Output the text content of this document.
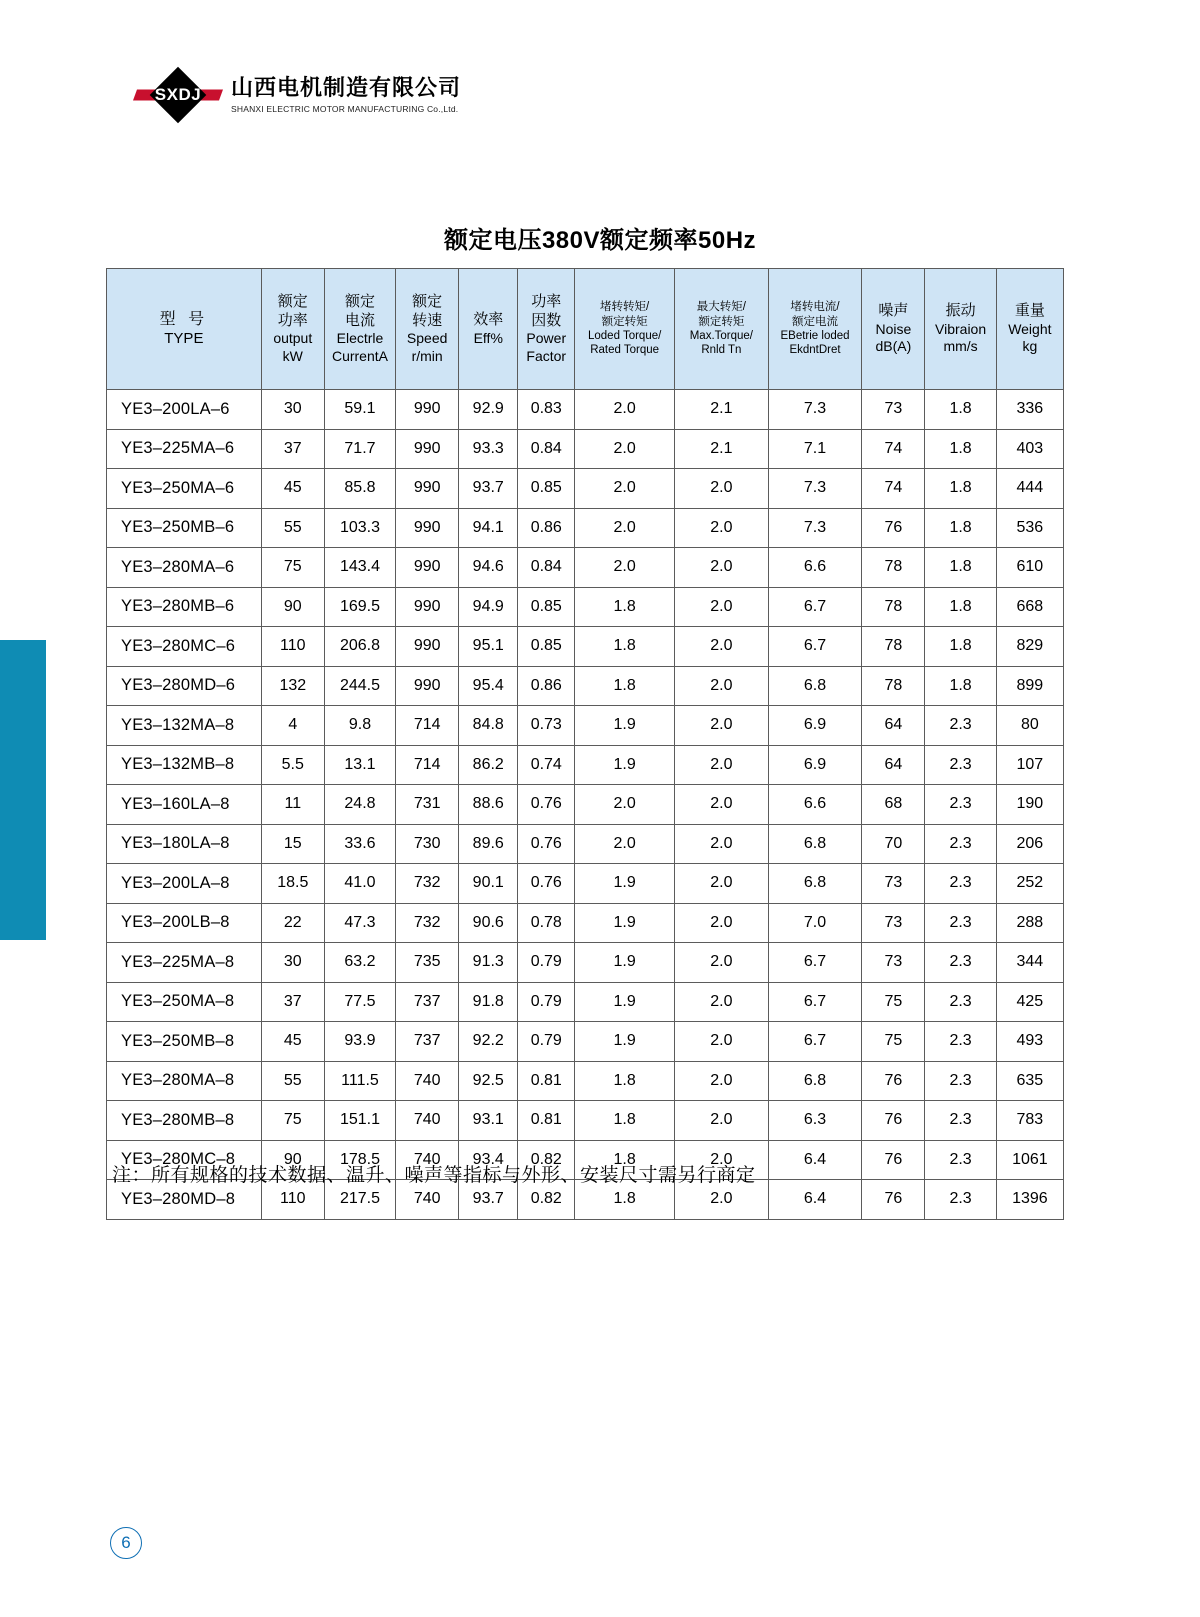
SXDJ 山西电机制造有限公司
SHANXI ELECTRIC MOTOR MANUFACTURING Co.,Ltd.
额定电压380V额定频率50Hz
型 号
TYPE	额定
功率
output
kW	额定
电流
Electrle
CurrentA	额定
转速
Speed
r/min	效率
Eff%	功率
因数
Power
Factor	堵转转矩/
额定转矩
Loded Torque/
Rated Torque	最大转矩/
额定转矩
Max.Torque/
Rnld Tn	堵转电流/
额定电流
EBetrie loded
EkdntDret	噪声
Noise
dB(A)	振动
Vibraion
mm/s	重量
Weight
kg

YE3–200LA–6	30	59.1	990	92.9	0.83	2.0	2.1	7.3	73	1.8	336
YE3–225MA–6	37	71.7	990	93.3	0.84	2.0	2.1	7.1	74	1.8	403
YE3–250MA–6	45	85.8	990	93.7	0.85	2.0	2.0	7.3	74	1.8	444
YE3–250MB–6	55	103.3	990	94.1	0.86	2.0	2.0	7.3	76	1.8	536
YE3–280MA–6	75	143.4	990	94.6	0.84	2.0	2.0	6.6	78	1.8	610
YE3–280MB–6	90	169.5	990	94.9	0.85	1.8	2.0	6.7	78	1.8	668
YE3–280MC–6	110	206.8	990	95.1	0.85	1.8	2.0	6.7	78	1.8	829
YE3–280MD–6	132	244.5	990	95.4	0.86	1.8	2.0	6.8	78	1.8	899
YE3–132MA–8	4	9.8	714	84.8	0.73	1.9	2.0	6.9	64	2.3	80
YE3–132MB–8	5.5	13.1	714	86.2	0.74	1.9	2.0	6.9	64	2.3	107
YE3–160LA–8	11	24.8	731	88.6	0.76	2.0	2.0	6.6	68	2.3	190
YE3–180LA–8	15	33.6	730	89.6	0.76	2.0	2.0	6.8	70	2.3	206
YE3–200LA–8	18.5	41.0	732	90.1	0.76	1.9	2.0	6.8	73	2.3	252
YE3–200LB–8	22	47.3	732	90.6	0.78	1.9	2.0	7.0	73	2.3	288
YE3–225MA–8	30	63.2	735	91.3	0.79	1.9	2.0	6.7	73	2.3	344
YE3–250MA–8	37	77.5	737	91.8	0.79	1.9	2.0	6.7	75	2.3	425
YE3–250MB–8	45	93.9	737	92.2	0.79	1.9	2.0	6.7	75	2.3	493
YE3–280MA–8	55	111.5	740	92.5	0.81	1.8	2.0	6.8	76	2.3	635
YE3–280MB–8	75	151.1	740	93.1	0.81	1.8	2.0	6.3	76	2.3	783
YE3–280MC–8	90	178.5	740	93.4	0.82	1.8	2.0	6.4	76	2.3	1061
YE3–280MD–8	110	217.5	740	93.7	0.82	1.8	2.0	6.4	76	2.3	1396
注：所有规格的技术数据、温升、噪声等指标与外形、安装尺寸需另行商定
6
